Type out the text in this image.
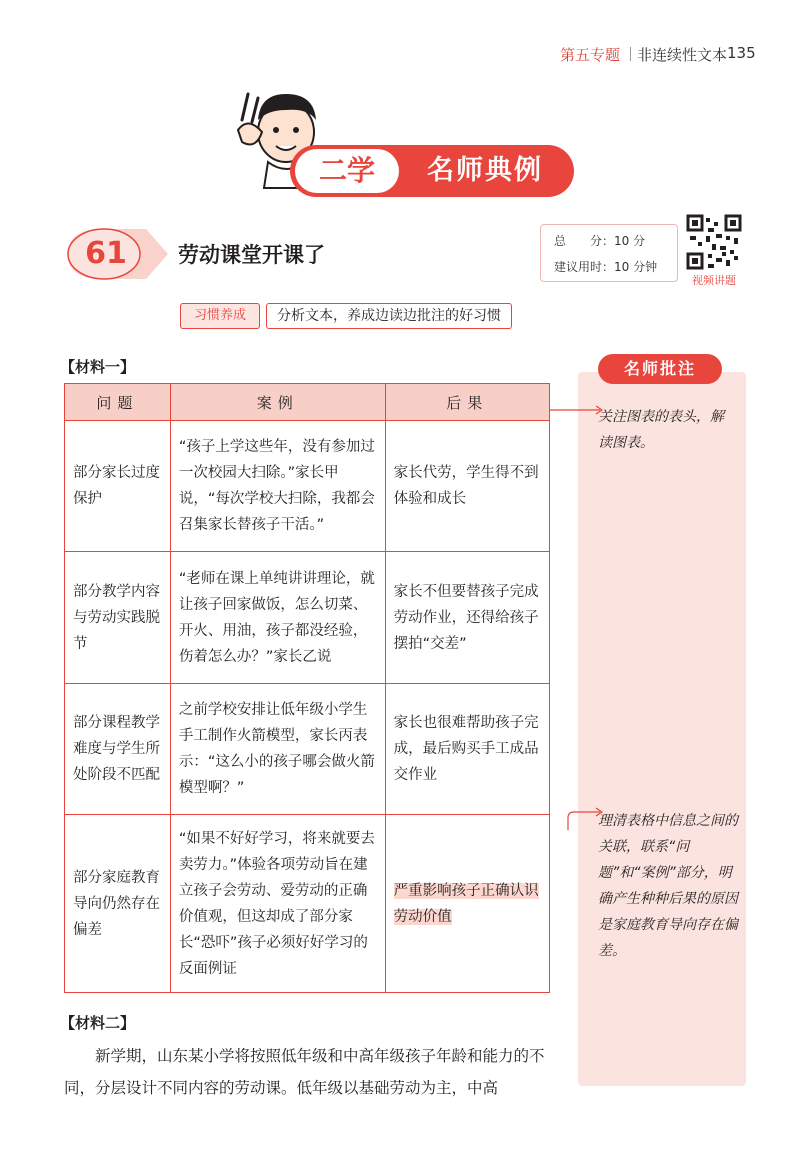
第五专题 非连续性文本 135
二学	名师典例
61	劳动课堂开课了
总　　分：10 分
建议用时：10 分钟
视频讲题
习惯养成	分析文本，养成边读边批注的好习惯
名师批注
关注图表的表头，解读图表。
理清表格中信息之间的关联，联系“问题”和“案例”部分，明确产生种种后果的原因是家庭教育导向存在偏差。
【材料一】
问题	案例	后果
部分家长过度保护	“孩子上学这些年，没有参加过一次校园大扫除。”家长甲说，“每次学校大扫除，我都会召集家长替孩子干活。”	家长代劳，学生得不到体验和成长
部分教学内容与劳动实践脱节	“老师在课上单纯讲讲理论，就让孩子回家做饭，怎么切菜、开火、用油，孩子都没经验，伤着怎么办？”家长乙说	家长不但要替孩子完成劳动作业，还得给孩子摆拍“交差”
部分课程教学难度与学生所处阶段不匹配	之前学校安排让低年级小学生手工制作火箭模型，家长丙表示：“这么小的孩子哪会做火箭模型啊？”	家长也很难帮助孩子完成，最后购买手工成品交作业
部分家庭教育导向仍然存在偏差	“如果不好好学习，将来就要去卖劳力。”体验各项劳动旨在建立孩子会劳动、爱劳动的正确价值观，但这却成了部分家长“恐吓”孩子必须好好学习的反面例证	严重影响孩子正确认识劳动价值
【材料二】
新学期，山东某小学将按照低年级和中高年级孩子年龄和能力的不同，分层设计不同内容的劳动课。低年级以基础劳动为主，中高
